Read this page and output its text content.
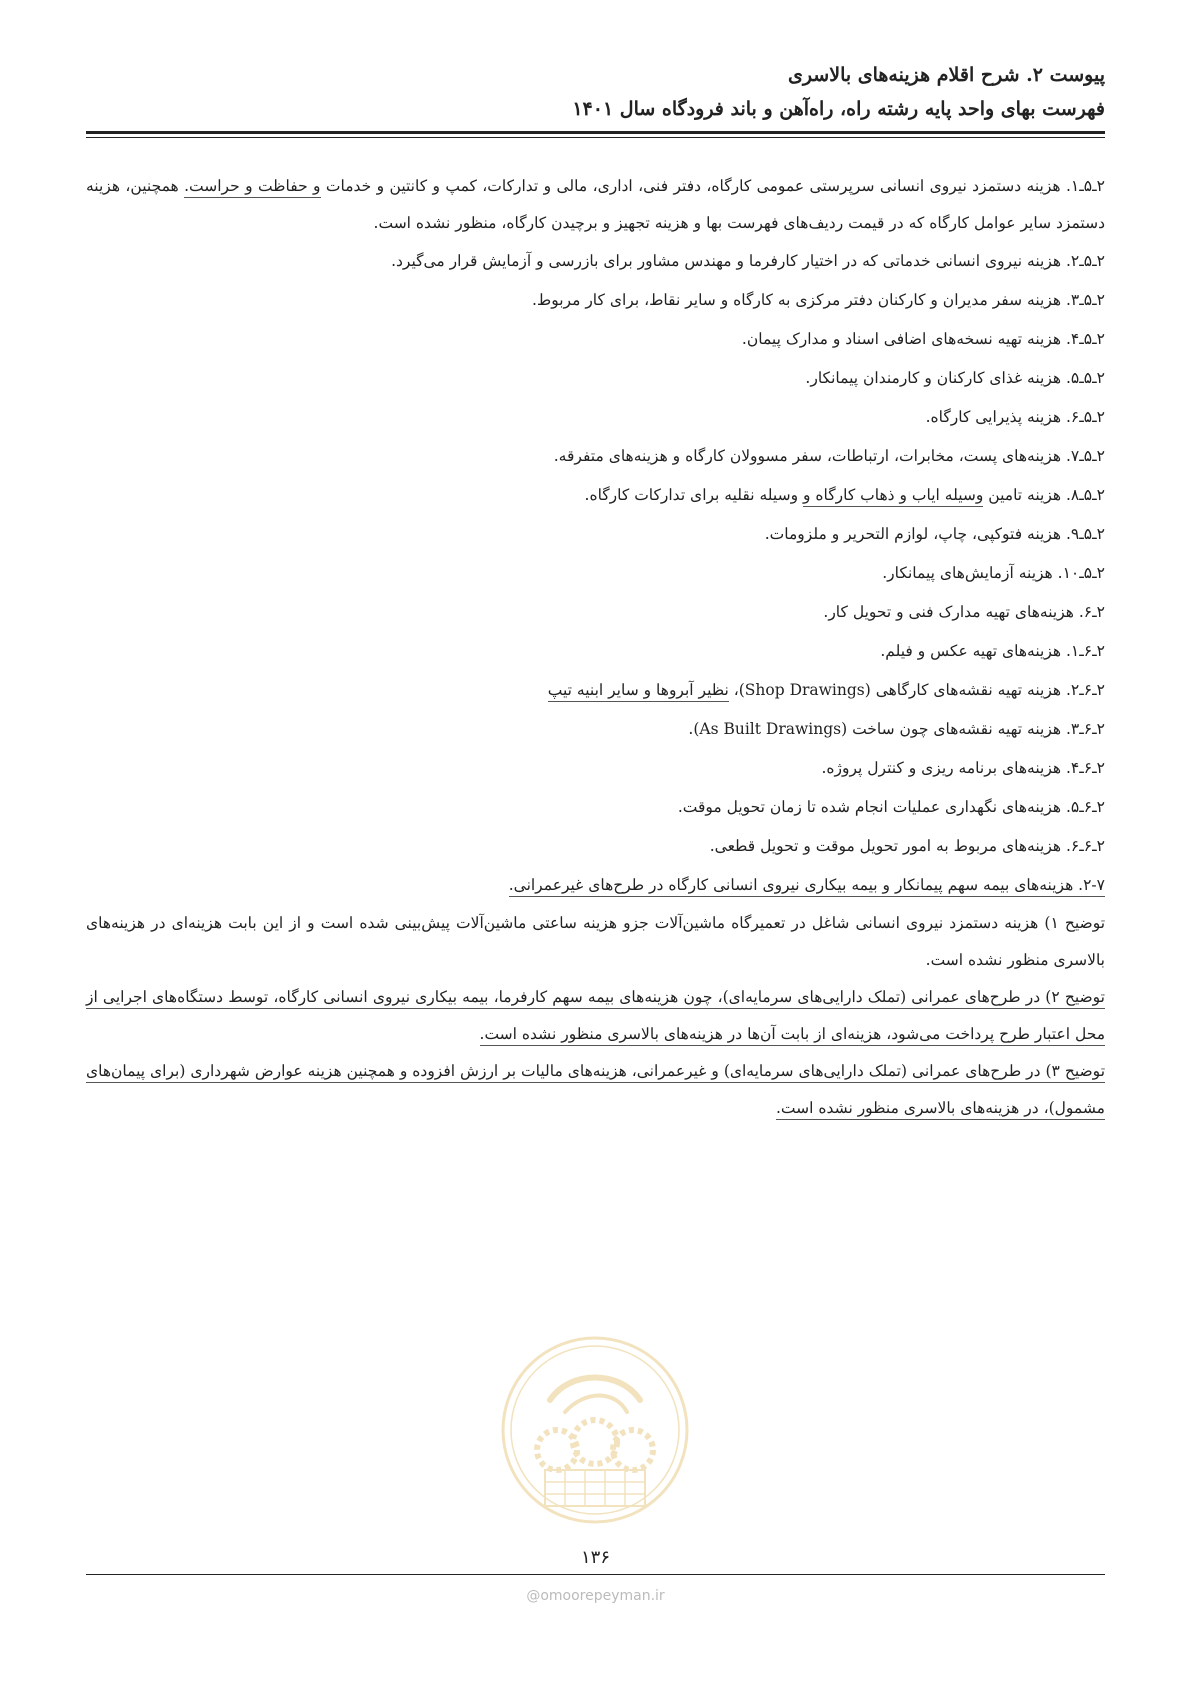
پیوست ۲. شرح اقلام هزینه‌های بالاسری
فهرست بهای واحد پایه رشته راه، راه‌آهن و باند فرودگاه سال ۱۴۰۱

۲ـ۵ـ۱. هزینه دستمزد نیروی انسانی سرپرستی عمومی کارگاه، دفتر فنی، اداری، مالی و تدارکات، کمپ و کانتین و خدمات و حفاظت و حراست. همچنین، هزینه دستمزد سایر عوامل کارگاه که در قیمت ردیف‌های فهرست بها و هزینه تجهیز و برچیدن کارگاه، منظور نشده است.

۲ـ۵ـ۲. هزینه نیروی انسانی خدماتی که در اختیار کارفرما و مهندس مشاور برای بازرسی و آزمایش قرار می‌گیرد.

۲ـ۵ـ۳. هزینه سفر مدیران و کارکنان دفتر مرکزی به کارگاه و سایر نقاط، برای کار مربوط.

۲ـ۵ـ۴. هزینه تهیه نسخه‌های اضافی اسناد و مدارک پیمان.

۲ـ۵ـ۵. هزینه غذای کارکنان و کارمندان پیمانکار.

۲ـ۵ـ۶. هزینه پذیرایی کارگاه.

۲ـ۵ـ۷. هزینه‌های پست، مخابرات، ارتباطات، سفر مسوولان کارگاه و هزینه‌های متفرقه.

۲ـ۵ـ۸. هزینه تامین وسیله ایاب و ذهاب کارگاه و وسیله نقلیه برای تدارکات کارگاه.

۲ـ۵ـ۹. هزینه فتوکپی، چاپ، لوازم التحریر و ملزومات.

۲ـ۵ـ۱۰. هزینه آزمایش‌های پیمانکار.

۲ـ۶. هزینه‌های تهیه مدارک فنی و تحویل کار.

۲ـ۶ـ۱. هزینه‌های تهیه عکس و فیلم.

۲ـ۶ـ۲. هزینه تهیه نقشه‌های کارگاهی (Shop Drawings)، نظیر آبروها و سایر ابنیه تیپ

۲ـ۶ـ۳. هزینه تهیه نقشه‌های چون ساخت (As Built Drawings).

۲ـ۶ـ۴. هزینه‌های برنامه ریزی و کنترل پروژه.

۲ـ۶ـ۵. هزینه‌های نگهداری عملیات انجام شده تا زمان تحویل موقت.

۲ـ۶ـ۶. هزینه‌های مربوط به امور تحویل موقت و تحویل قطعی.

۲-۷. هزینه‌های بیمه سهم پیمانکار و بیمه بیکاری نیروی انسانی کارگاه در طرح‌های غیرعمرانی.

توضیح ۱) هزینه دستمزد نیروی انسانی شاغل در تعمیرگاه ماشین‌آلات جزو هزینه ساعتی ماشین‌آلات پیش‌بینی شده است و از این بابت هزینه‌ای در هزینه‌های بالاسری منظور نشده است.

توضیح ۲) در طرح‌های عمرانی (تملک دارایی‌های سرمایه‌ای)، چون هزینه‌های بیمه سهم کارفرما، بیمه بیکاری نیروی انسانی کارگاه، توسط دستگاه‌های اجرایی از محل اعتبار طرح پرداخت می‌شود، هزینه‌ای از بابت آن‌ها در هزینه‌های بالاسری منظور نشده است.

توضیح ۳) در طرح‌های عمرانی (تملک دارایی‌های سرمایه‌ای) و غیرعمرانی، هزینه‌های مالیات بر ارزش افزوده و همچنین هزینه عوارض شهرداری (برای پیمان‌های مشمول)، در هزینه‌های بالاسری منظور نشده است.

۱۳۶
@omoorepeyman.ir
